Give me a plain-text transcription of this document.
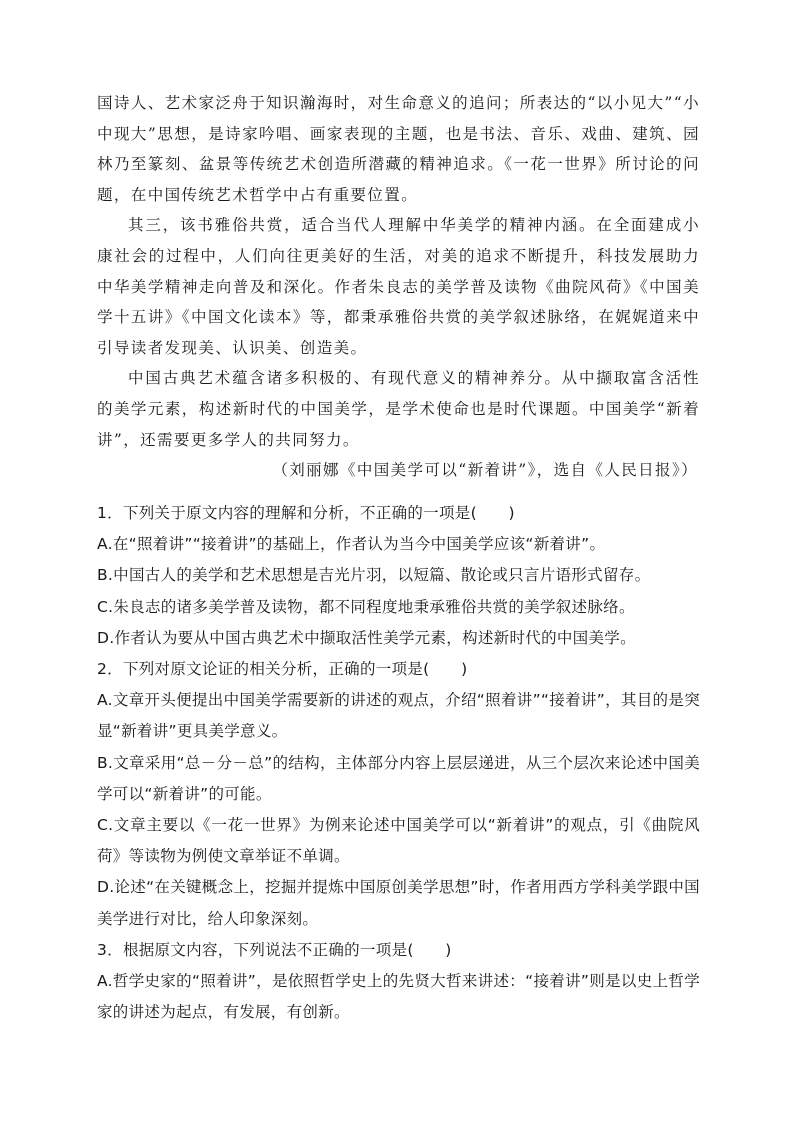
国诗人、艺术家泛舟于知识瀚海时，对生命意义的追问；所表达的“以小见大”“小中现大”思想，是诗家吟唱、画家表现的主题，也是书法、音乐、戏曲、建筑、园林乃至篆刻、盆景等传统艺术创造所潜藏的精神追求。《一花一世界》所讨论的问题，在中国传统艺术哲学中占有重要位置。

其三，该书雅俗共赏，适合当代人理解中华美学的精神内涵。在全面建成小康社会的过程中，人们向往更美好的生活，对美的追求不断提升，科技发展助力中华美学精神走向普及和深化。作者朱良志的美学普及读物《曲院风荷》《中国美学十五讲》《中国文化读本》等，都秉承雅俗共赏的美学叙述脉络，在娓娓道来中引导读者发现美、认识美、创造美。

中国古典艺术蕴含诸多积极的、有现代意义的精神养分。从中撷取富含活性的美学元素，构述新时代的中国美学，是学术使命也是时代课题。中国美学“新着讲”，还需要更多学人的共同努力。

（刘丽娜《中国美学可以“新着讲”》，选自《人民日报》）

1．下列关于原文内容的理解和分析，不正确的一项是(　　)
A.在“照着讲”“接着讲”的基础上，作者认为当今中国美学应该“新着讲”。
B.中国古人的美学和艺术思想是吉光片羽，以短篇、散论或只言片语形式留存。
C.朱良志的诸多美学普及读物，都不同程度地秉承雅俗共赏的美学叙述脉络。
D.作者认为要从中国古典艺术中撷取活性美学元素，构述新时代的中国美学。
2．下列对原文论证的相关分析，正确的一项是(　　)
A.文章开头便提出中国美学需要新的讲述的观点，介绍“照着讲”“接着讲”，其目的是突显“新着讲”更具美学意义。
B.文章采用“总－分－总”的结构，主体部分内容上层层递进，从三个层次来论述中国美学可以“新着讲”的可能。
C.文章主要以《一花一世界》为例来论述中国美学可以“新着讲”的观点，引《曲院风荷》等读物为例使文章举证不单调。
D.论述“在关键概念上，挖掘并提炼中国原创美学思想”时，作者用西方学科美学跟中国美学进行对比，给人印象深刻。
3．根据原文内容，下列说法不正确的一项是(　　)
A.哲学史家的“照着讲”，是依照哲学史上的先贤大哲来讲述：“接着讲”则是以史上哲学家的讲述为起点，有发展，有创新。
